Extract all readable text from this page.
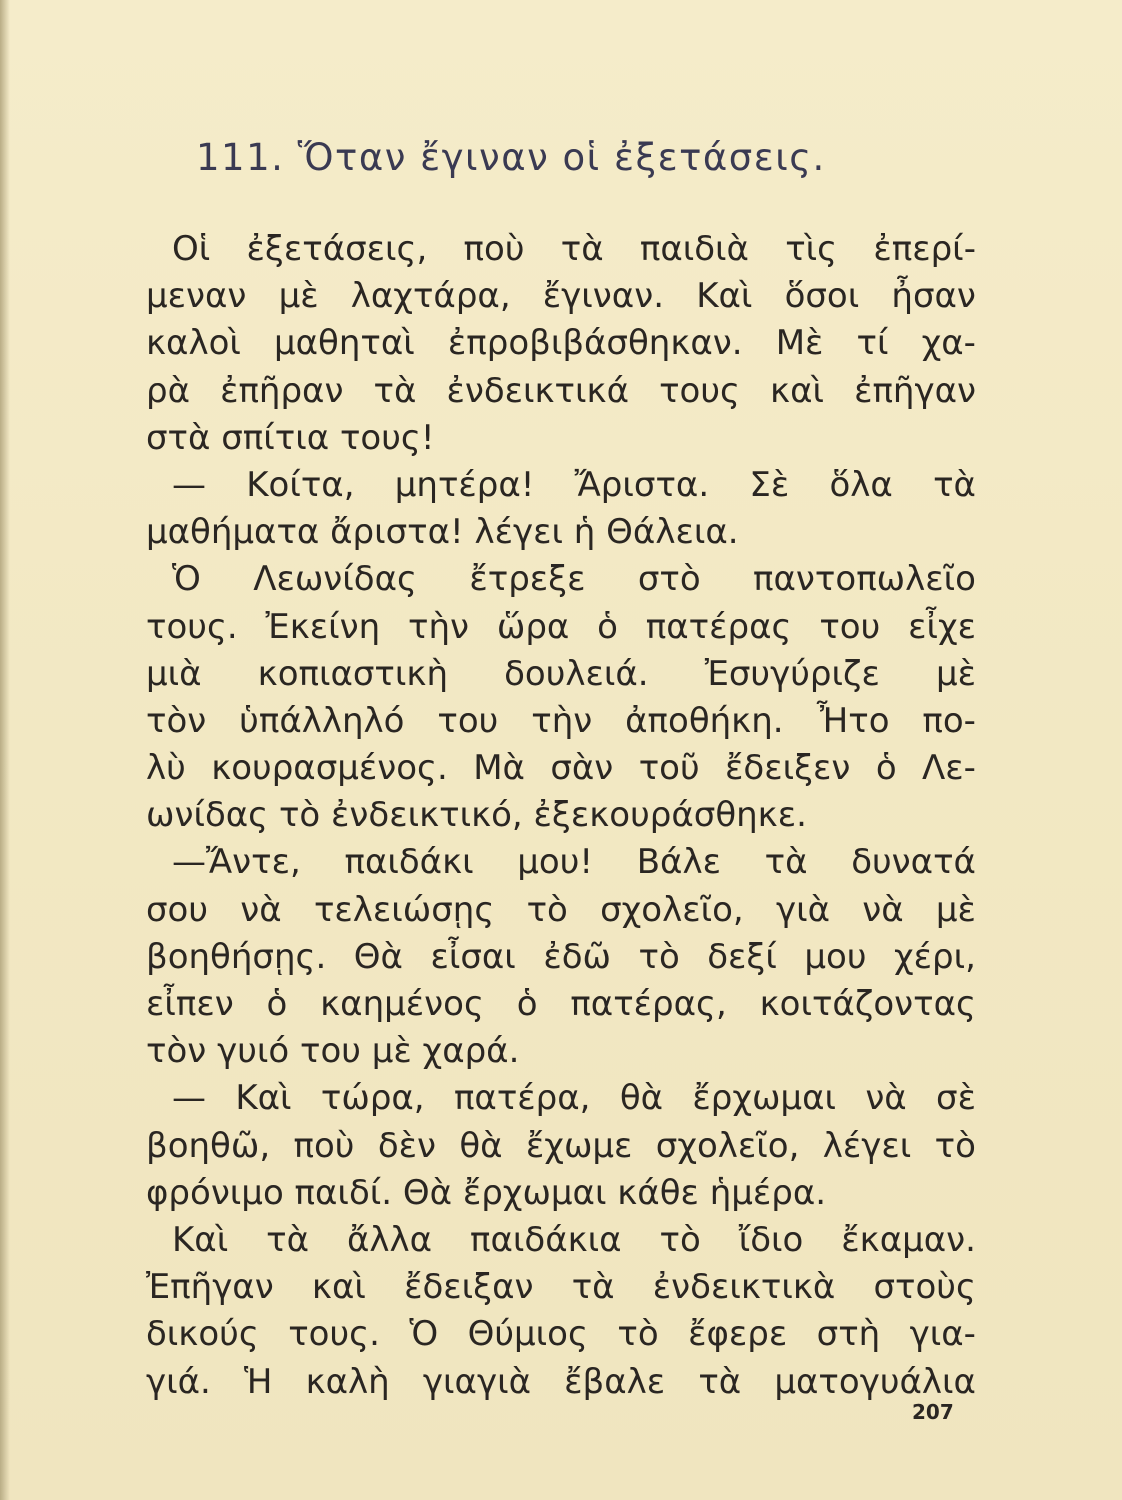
111. Ὅταν ἔγιναν οἱ ἐξετάσεις.
Οἱ ἐξετάσεις, ποὺ τὰ παιδιὰ τὶς ἐπερί-
μεναν μὲ λαχτάρα, ἔγιναν. Καὶ ὅσοι ἦσαν
καλοὶ μαθηταὶ ἐπροβιβάσθηκαν. Μὲ τί χα-
ρὰ ἐπῆραν τὰ ἐνδεικτικά τους καὶ ἐπῆγαν
στὰ σπίτια τους!
— Κοίτα, μητέρα! Ἄριστα. Σὲ ὅλα τὰ
μαθήματα ἄριστα! λέγει ἡ Θάλεια.
Ὁ Λεωνίδας ἔτρεξε στὸ παντοπωλεῖο
τους. Ἐκείνη τὴν ὥρα ὁ πατέρας του εἶχε
μιὰ κοπιαστικὴ δουλειά. Ἐσυγύριζε μὲ
τὸν ὑπάλληλό του τὴν ἀποθήκη. Ἦτο πο-
λὺ κουρασμένος. Μὰ σὰν τοῦ ἔδειξεν ὁ Λε-
ωνίδας τὸ ἐνδεικτικό, ἐξεκουράσθηκε.
—Ἄντε, παιδάκι μου! Βάλε τὰ δυνατά
σου νὰ τελειώσῃς τὸ σχολεῖο, γιὰ νὰ μὲ
βοηθήσῃς. Θὰ εἶσαι ἐδῶ τὸ δεξί μου χέρι,
εἶπεν ὁ καημένος ὁ πατέρας, κοιτάζοντας
τὸν γυιό του μὲ χαρά.
— Καὶ τώρα, πατέρα, θὰ ἔρχωμαι νὰ σὲ
βοηθῶ, ποὺ δὲν θὰ ἔχωμε σχολεῖο, λέγει τὸ
φρόνιμο παιδί. Θὰ ἔρχωμαι κάθε ἡμέρα.
Καὶ τὰ ἄλλα παιδάκια τὸ ἴδιο ἔκαμαν.
Ἐπῆγαν καὶ ἔδειξαν τὰ ἐνδεικτικὰ στοὺς
δικούς τους. Ὁ Θύμιος τὸ ἔφερε στὴ για-
γιά. Ἡ καλὴ γιαγιὰ ἔβαλε τὰ ματογυάλια
207
